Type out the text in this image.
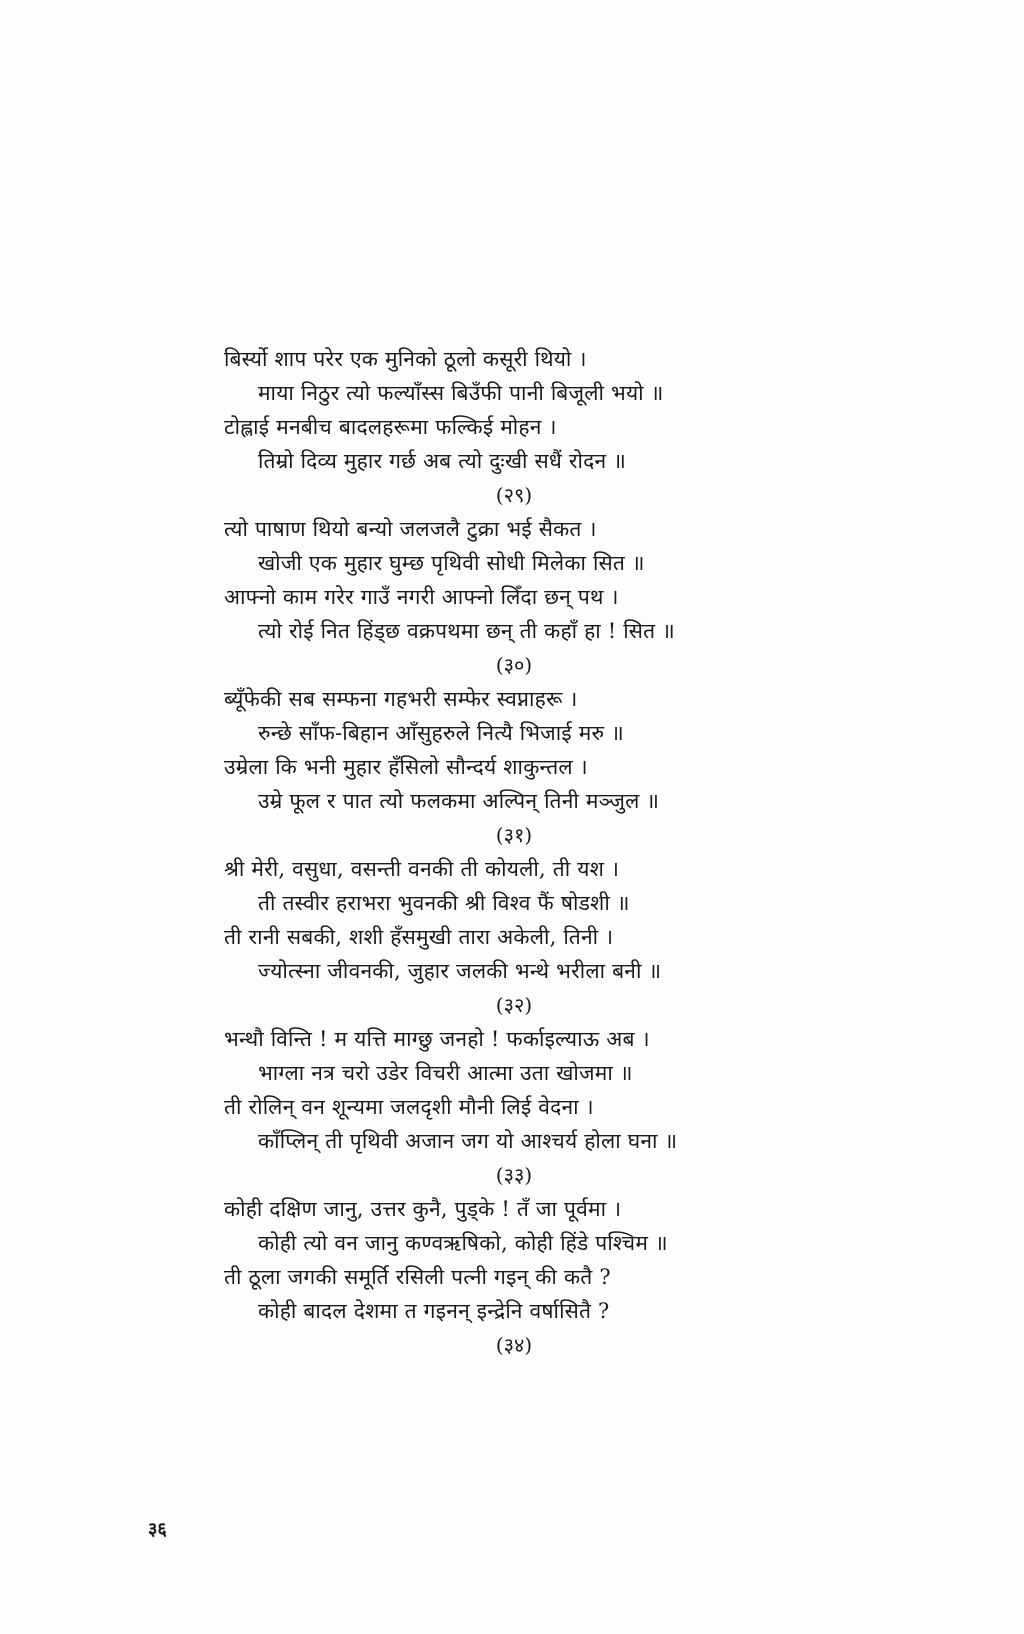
बिर्स्यो शाप परेर एक मुनिको ठूलो कसूरी थियो ।
माया निठुर त्यो फल्याँस्स बिउँफी पानी बिजूली भयो ॥
टोह्लाई मनबीच बादलहरूमा फल्किई मोहन ।
तिम्रो दिव्य मुहार गर्छ अब त्यो दुःखी सधैं रोदन ॥
(२९)
त्यो पाषाण थियो बन्यो जलजलै टुक्रा भई सैकत ।
खोजी एक मुहार घुम्छ पृथिवी सोधी मिलेका सित ॥
आफ्नो काम गरेर गाउँ नगरी आफ्नो लिँदा छन् पथ ।
त्यो रोई नित हिंड्छ वक्रपथमा छन् ती कहाँ हा ! सित ॥
(३०)
ब्यूँफेकी सब सम्फना गहभरी सम्फेर स्वप्नाहरू ।
रुन्छे साँफ-बिहान आँसुहरुले नित्यै भिजाई मरु ॥
उम्रेला कि भनी मुहार हँसिलो सौन्दर्य शाकुन्तल ।
उम्रे फूल र पात त्यो फलकमा अल्पिन् तिनी मञ्जुल ॥
(३१)
श्री मेरी, वसुधा, वसन्ती वनकी ती कोयली, ती यश ।
ती तस्वीर हराभरा भुवनकी श्री विश्व फैं षोडशी ॥
ती रानी सबकी, शशी हँसमुखी तारा अकेली, तिनी ।
ज्योत्स्ना जीवनकी, जुहार जलकी भन्थे भरीला बनी ॥
(३२)
भन्थौ विन्ति ! म यत्ति माग्छु जनहो ! फर्काइल्याऊ अब ।
भाग्ला नत्र चरो उडेर विचरी आत्मा उता खोजमा ॥
ती रोलिन् वन शून्यमा जलदृशी मौनी लिई वेदना ।
काँप्लिन् ती पृथिवी अजान जग यो आश्चर्य होला घना ॥
(३३)
कोही दक्षिण जानु, उत्तर कुनै, पुड्के ! तँ जा पूर्वमा ।
कोही त्यो वन जानु कण्वऋषिको, कोही हिंडे पश्चिम ॥
ती ठूला जगकी समूर्ति रसिली पत्नी गइन् की कतै ?
कोही बादल देशमा त गइनन् इन्द्रेनि वर्षासितै ?
(३४)
३६
